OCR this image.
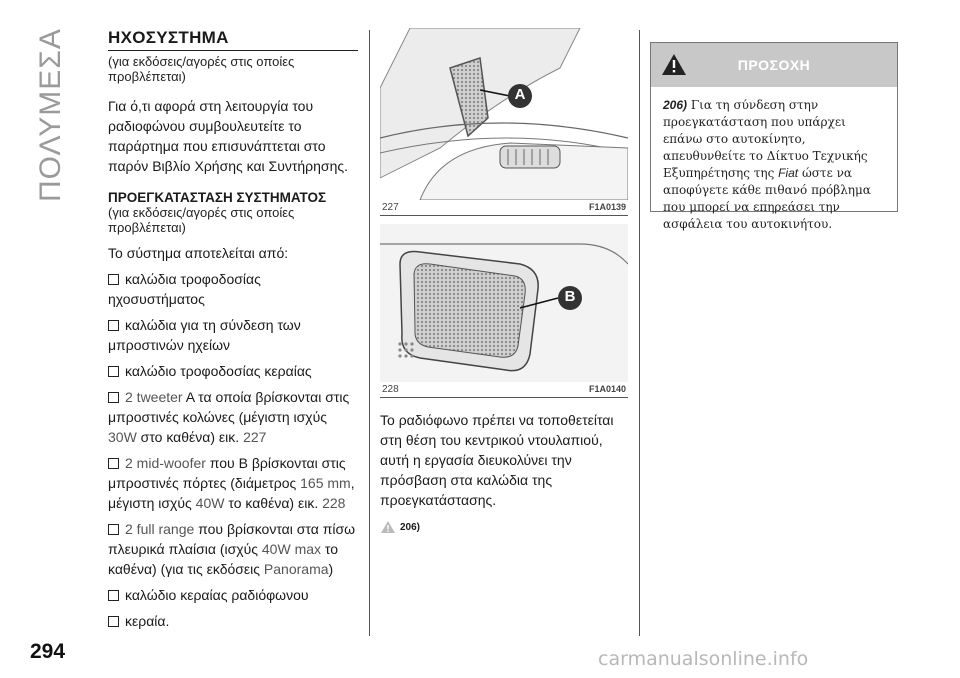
ΠΟΛΥΜΕΣΑ
294	carmanualsonline.info
ΗΧΟΣΥΣΤΗΜΑ
(για εκδόσεις/αγορές στις οποίες προβλέπεται)
Για ό,τι αφορά στη λειτουργία του ραδιοφώνου συμβουλευτείτε το παράρτημα που επισυνάπτεται στο παρόν Βιβλίο Χρήσης και Συντήρησης.
ΠΡΟΕΓΚΑΤΑΣΤΑΣΗ ΣΥΣΤΗΜΑΤΟΣ
(για εκδόσεις/αγορές στις οποίες προβλέπεται)
Το σύστημα αποτελείται από:
καλώδια τροφοδοσίας ηχοσυστήματος
καλώδια για τη σύνδεση των μπροστινών ηχείων
καλώδιο τροφοδοσίας κεραίας
2 tweeter A τα οποία βρίσκονται στις μπροστινές κολώνες (μέγιστη ισχύς 30W στο καθένα) εικ. 227
2 mid-woofer που B βρίσκονται στις μπροστινές πόρτες (διάμετρος 165 mm, μέγιστη ισχύς 40W το καθένα) εικ. 228
2 full range που βρίσκονται στα πίσω πλευρικά πλαίσια (ισχύς 40W max το καθένα) (για τις εκδόσεις Panorama)
καλώδιο κεραίας ραδιόφωνου
κεραία.
A
227	F1A0139
B
228	F1A0140
Το ραδιόφωνο πρέπει να τοποθετείται στη θέση του κεντρικού ντουλαπιού, αυτή η εργασία διευκολύνει την πρόσβαση στα καλώδια της προεγκατάστασης.
206)
ΠΡΟΣΟΧΗ
206) Για τη σύνδεση στην προεγκατάσταση που υπάρχει επάνω στο αυτοκίνητο, απευθυνθείτε το Δίκτυο Τεχνικής Εξυπηρέτησης της Fiat ώστε να αποφύγετε κάθε πιθανό πρόβλημα που μπορεί να επηρεάσει την ασφάλεια του αυτοκινήτου.
